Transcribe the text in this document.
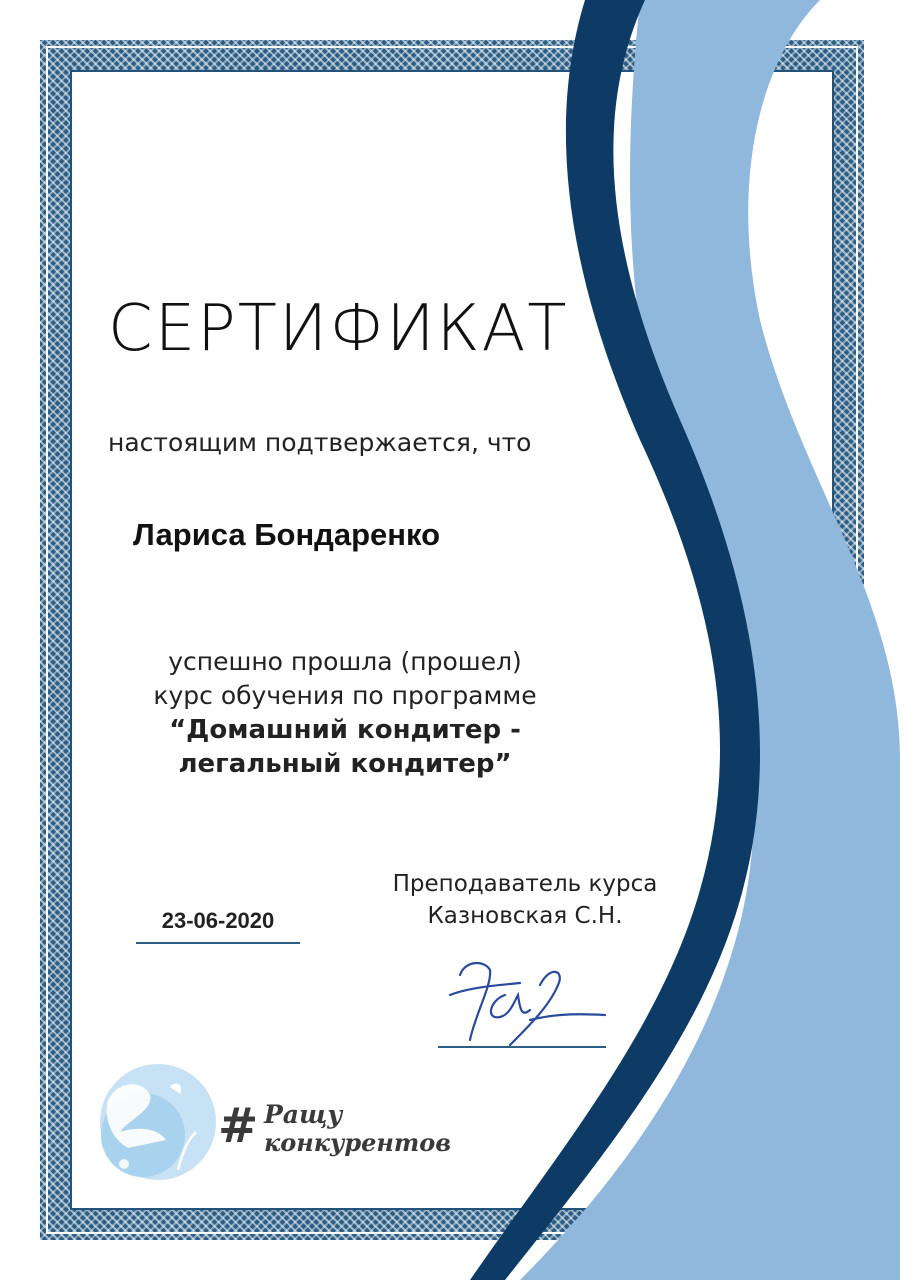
СЕРТИФИКАТ
настоящим подтвержается, что
Лариса Бондаренко
успешно прошла (прошел)
курс обучения по программе
“Домашний кондитер -
легальный кондитер”
Преподаватель курса
Казновская С.Н.
23-06-2020
# Ращу
конкурентов
